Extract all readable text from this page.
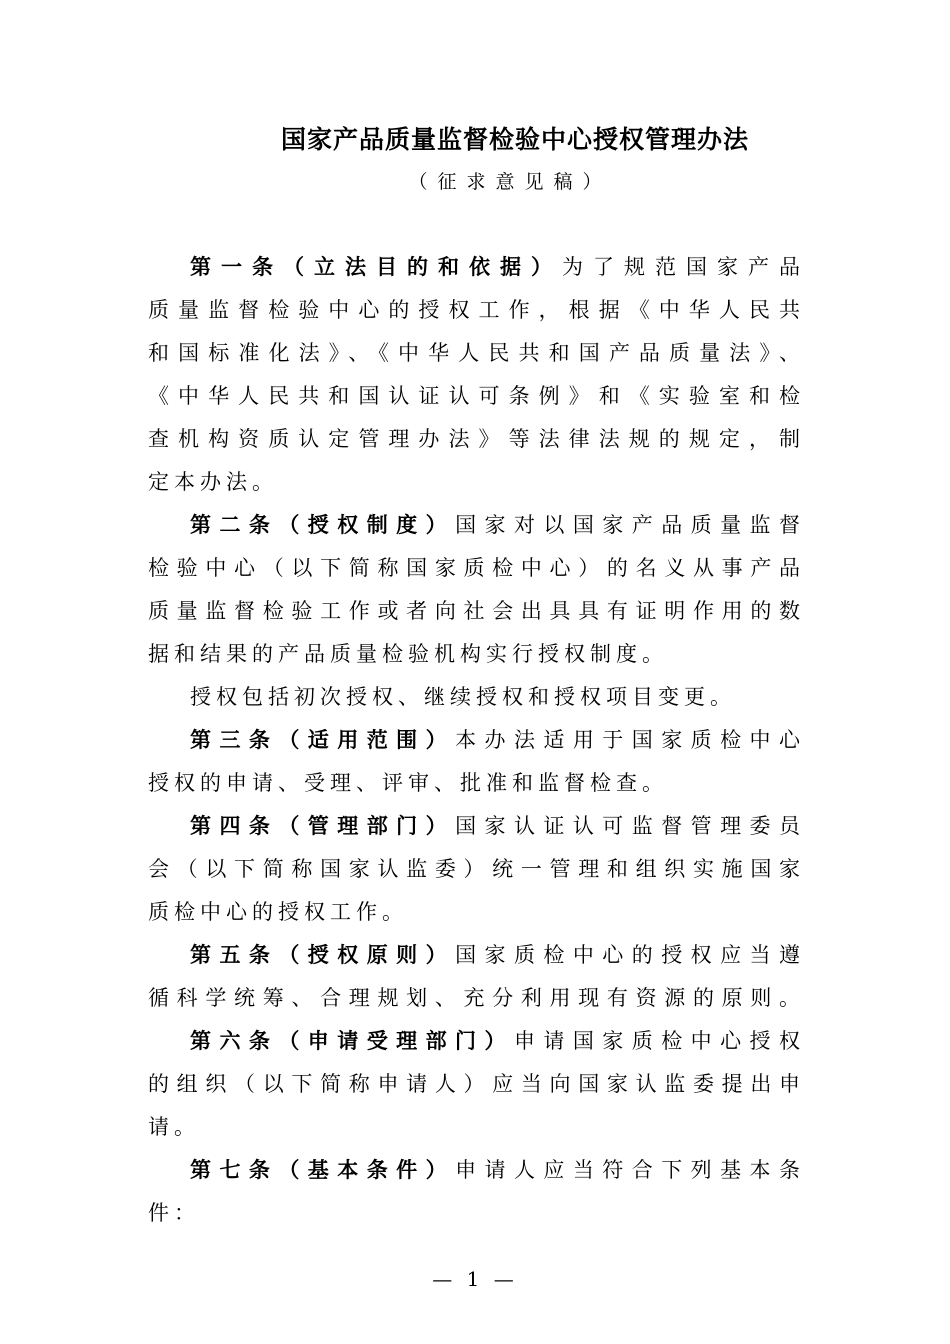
国家产品质量监督检验中心授权管理办法
（征求意见稿）
第一条（立法目的和依据）为了规范国家产品
质量监督检验中心的授权工作，根据《中华人民共
和国标准化法》、《中华人民共和国产品质量法》、
《中华人民共和国认证认可条例》和《实验室和检
查机构资质认定管理办法》等法律法规的规定，制
定本办法。
第二条（授权制度）国家对以国家产品质量监督
检验中心（以下简称国家质检中心）的名义从事产品
质量监督检验工作或者向社会出具具有证明作用的数
据和结果的产品质量检验机构实行授权制度。
授权包括初次授权、继续授权和授权项目变更。
第三条（适用范围）本办法适用于国家质检中心
授权的申请、受理、评审、批准和监督检查。
第四条（管理部门）国家认证认可监督管理委员
会（以下简称国家认监委）统一管理和组织实施国家
质检中心的授权工作。
第五条（授权原则）国家质检中心的授权应当遵
循科学统筹、合理规划、充分利用现有资源的原则。
第六条（申请受理部门）申请国家质检中心授权
的组织（以下简称申请人）应当向国家认监委提出申
请。
第七条（基本条件）申请人应当符合下列基本条
件：
— 1 —
